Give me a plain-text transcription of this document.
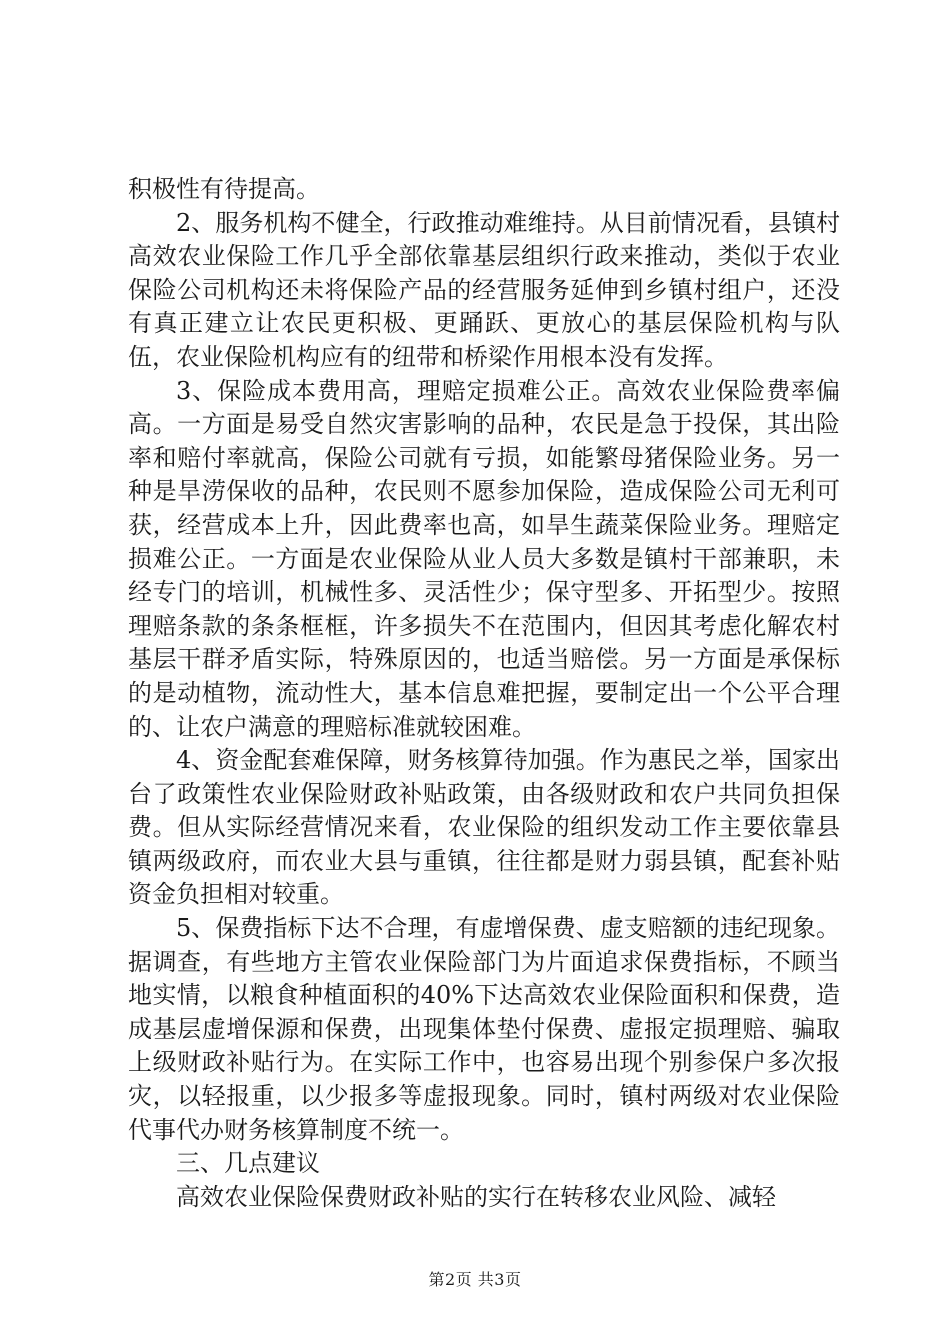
积极性有待提高。

2、服务机构不健全，行政推动难维持。从目前情况看，县镇村高效农业保险工作几乎全部依靠基层组织行政来推动，类似于农业保险公司机构还未将保险产品的经营服务延伸到乡镇村组户，还没有真正建立让农民更积极、更踊跃、更放心的基层保险机构与队伍，农业保险机构应有的纽带和桥梁作用根本没有发挥。

3、保险成本费用高，理赔定损难公正。高效农业保险费率偏高。一方面是易受自然灾害影响的品种，农民是急于投保，其出险率和赔付率就高，保险公司就有亏损，如能繁母猪保险业务。另一种是旱涝保收的品种，农民则不愿参加保险，造成保险公司无利可获，经营成本上升，因此费率也高，如旱生蔬菜保险业务。理赔定损难公正。一方面是农业保险从业人员大多数是镇村干部兼职，未经专门的培训，机械性多、灵活性少；保守型多、开拓型少。按照理赔条款的条条框框，许多损失不在范围内，但因其考虑化解农村基层干群矛盾实际，特殊原因的，也适当赔偿。另一方面是承保标的是动植物，流动性大，基本信息难把握，要制定出一个公平合理的、让农户满意的理赔标准就较困难。

4、资金配套难保障，财务核算待加强。作为惠民之举，国家出台了政策性农业保险财政补贴政策，由各级财政和农户共同负担保费。但从实际经营情况来看，农业保险的组织发动工作主要依靠县镇两级政府，而农业大县与重镇，往往都是财力弱县镇，配套补贴资金负担相对较重。

5、保费指标下达不合理，有虚增保费、虚支赔额的违纪现象。据调查，有些地方主管农业保险部门为片面追求保费指标，不顾当地实情，以粮食种植面积的40%下达高效农业保险面积和保费，造成基层虚增保源和保费，出现集体垫付保费、虚报定损理赔、骗取上级财政补贴行为。在实际工作中，也容易出现个别参保户多次报灾，以轻报重，以少报多等虚报现象。同时，镇村两级对农业保险代事代办财务核算制度不统一。

三、几点建议

高效农业保险保费财政补贴的实行在转移农业风险、减轻

第2页 共3页
